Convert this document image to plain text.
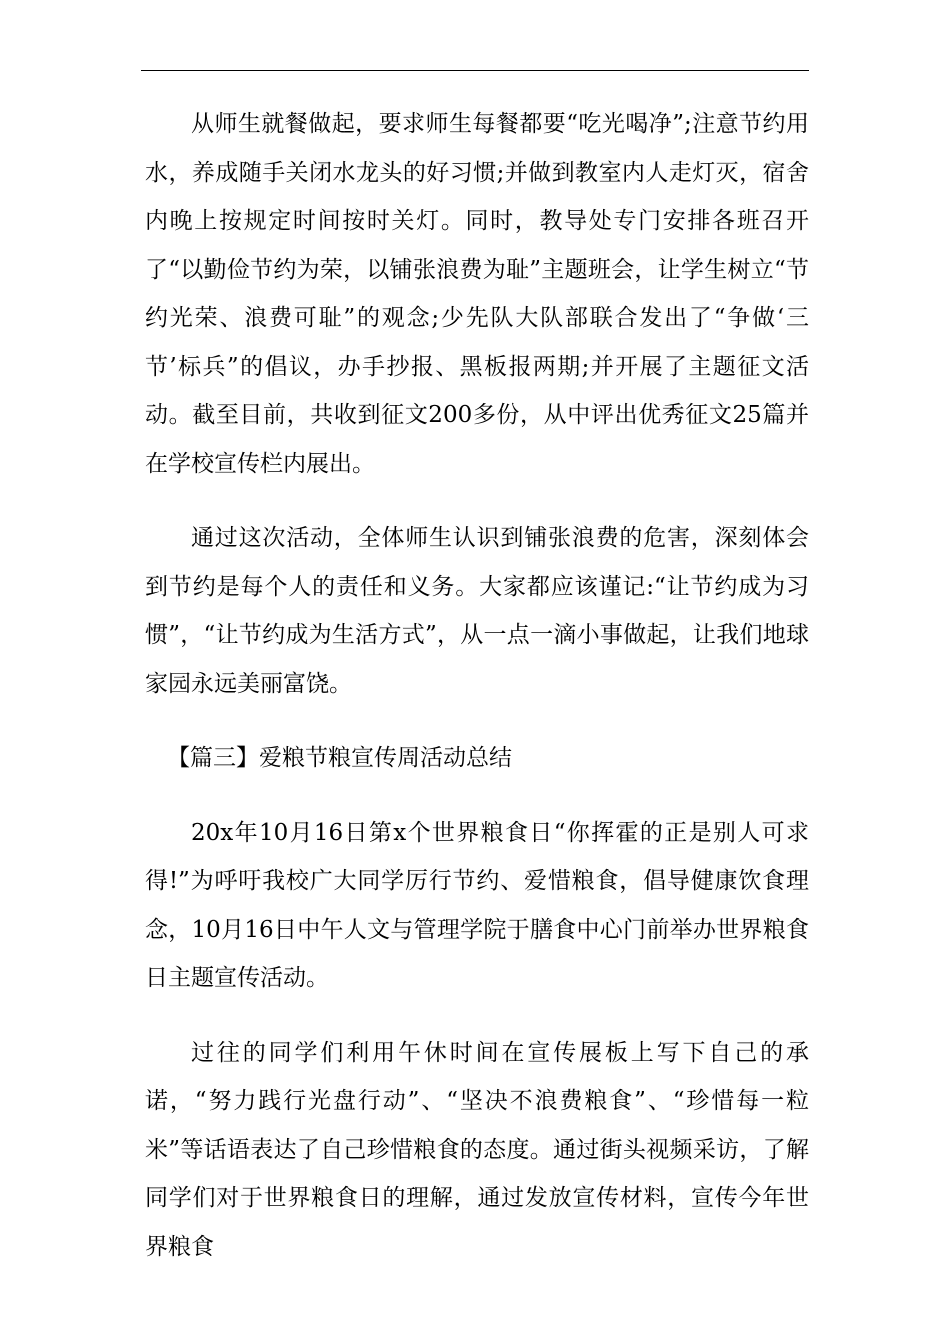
从师生就餐做起，要求师生每餐都要“吃光喝净”;注意节约用水，养成随手关闭水龙头的好习惯;并做到教室内人走灯灭，宿舍内晚上按规定时间按时关灯。同时，教导处专门安排各班召开了“以勤俭节约为荣，以铺张浪费为耻”主题班会，让学生树立“节约光荣、浪费可耻”的观念;少先队大队部联合发出了“争做‘三节’标兵”的倡议，办手抄报、黑板报两期;并开展了主题征文活动。截至目前，共收到征文200多份，从中评出优秀征文25篇并在学校宣传栏内展出。

通过这次活动，全体师生认识到铺张浪费的危害，深刻体会到节约是每个人的责任和义务。大家都应该谨记:“让节约成为习惯”，“让节约成为生活方式”，从一点一滴小事做起，让我们地球家园永远美丽富饶。

【篇三】爱粮节粮宣传周活动总结

20x年10月16日第x个世界粮食日“你挥霍的正是别人可求得!”为呼吁我校广大同学厉行节约、爱惜粮食，倡导健康饮食理念，10月16日中午人文与管理学院于膳食中心门前举办世界粮食日主题宣传活动。

过往的同学们利用午休时间在宣传展板上写下自己的承诺，“努力践行光盘行动”、“坚决不浪费粮食”、“珍惜每一粒米”等话语表达了自己珍惜粮食的态度。通过街头视频采访，了解同学们对于世界粮食日的理解，通过发放宣传材料，宣传今年世界粮食
